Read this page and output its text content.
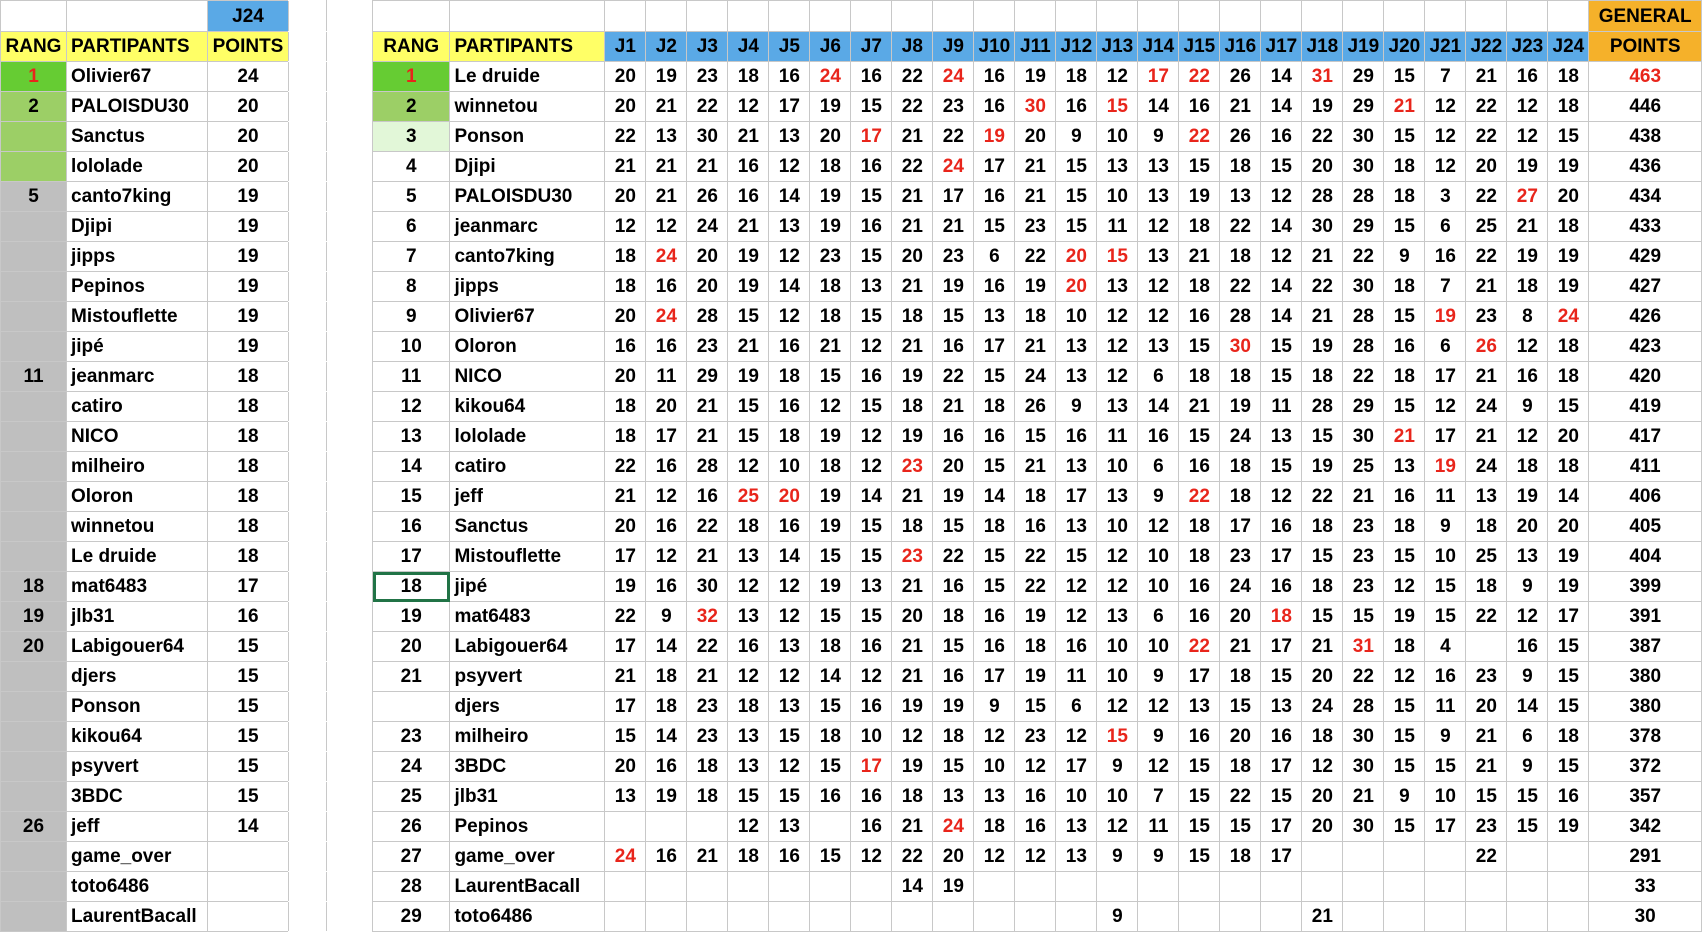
		J24
RANG	PARTIPANTS	POINTS
1	Olivier67	24
2	PALOISDU30	20
	Sanctus	20
	lololade	20
5	canto7king	19
	Djipi	19
	jipps	19
	Pepinos	19
	Mistouflette	19
	jipé	19
11	jeanmarc	18
	catiro	18
	NICO	18
	milheiro	18
	Oloron	18
	winnetou	18
	Le druide	18
18	mat6483	17
19	jlb31	16
20	Labigouer64	15
	djers	15
	Ponson	15
	kikou64	15
	psyvert	15
	3BDC	15
26	jeff	14
	game_over	
	toto6486	
	LaurentBacall	

																										GENERAL
RANG	PARTIPANTS	J1	J2	J3	J4	J5	J6	J7	J8	J9	J10	J11	J12	J13	J14	J15	J16	J17	J18	J19	J20	J21	J22	J23	J24	POINTS
1	Le druide	20	19	23	18	16	24	16	22	24	16	19	18	12	17	22	26	14	31	29	15	7	21	16	18	463
2	winnetou	20	21	22	12	17	19	15	22	23	16	30	16	15	14	16	21	14	19	29	21	12	22	12	18	446
3	Ponson	22	13	30	21	13	20	17	21	22	19	20	9	10	9	22	26	16	22	30	15	12	22	12	15	438
4	Djipi	21	21	21	16	12	18	16	22	24	17	21	15	13	13	15	18	15	20	30	18	12	20	19	19	436
5	PALOISDU30	20	21	26	16	14	19	15	21	17	16	21	15	10	13	19	13	12	28	28	18	3	22	27	20	434
6	jeanmarc	12	12	24	21	13	19	16	21	21	15	23	15	11	12	18	22	14	30	29	15	6	25	21	18	433
7	canto7king	18	24	20	19	12	23	15	20	23	6	22	20	15	13	21	18	12	21	22	9	16	22	19	19	429
8	jipps	18	16	20	19	14	18	13	21	19	16	19	20	13	12	18	22	14	22	30	18	7	21	18	19	427
9	Olivier67	20	24	28	15	12	18	15	18	15	13	18	10	12	12	16	28	14	21	28	15	19	23	8	24	426
10	Oloron	16	16	23	21	16	21	12	21	16	17	21	13	12	13	15	30	15	19	28	16	6	26	12	18	423
11	NICO	20	11	29	19	18	15	16	19	22	15	24	13	12	6	18	18	15	18	22	18	17	21	16	18	420
12	kikou64	18	20	21	15	16	12	15	18	21	18	26	9	13	14	21	19	11	28	29	15	12	24	9	15	419
13	lololade	18	17	21	15	18	19	12	19	16	16	15	16	11	16	15	24	13	15	30	21	17	21	12	20	417
14	catiro	22	16	28	12	10	18	12	23	20	15	21	13	10	6	16	18	15	19	25	13	19	24	18	18	411
15	jeff	21	12	16	25	20	19	14	21	19	14	18	17	13	9	22	18	12	22	21	16	11	13	19	14	406
16	Sanctus	20	16	22	18	16	19	15	18	15	18	16	13	10	12	18	17	16	18	23	18	9	18	20	20	405
17	Mistouflette	17	12	21	13	14	15	15	23	22	15	22	15	12	10	18	23	17	15	23	15	10	25	13	19	404
18	jipé	19	16	30	12	12	19	13	21	16	15	22	12	12	10	16	24	16	18	23	12	15	18	9	19	399
19	mat6483	22	9	32	13	12	15	15	20	18	16	19	12	13	6	16	20	18	15	15	19	15	22	12	17	391
20	Labigouer64	17	14	22	16	13	18	16	21	15	16	18	16	10	10	22	21	17	21	31	18	4		16	15	387
21	psyvert	21	18	21	12	12	14	12	21	16	17	19	11	10	9	17	18	15	20	22	12	16	23	9	15	380
	djers	17	18	23	18	13	15	16	19	19	9	15	6	12	12	13	15	13	24	28	15	11	20	14	15	380
23	milheiro	15	14	23	13	15	18	10	12	18	12	23	12	15	9	16	20	16	18	30	15	9	21	6	18	378
24	3BDC	20	16	18	13	12	15	17	19	15	10	12	17	9	12	15	18	17	12	30	15	15	21	9	15	372
25	jlb31	13	19	18	15	15	16	16	18	13	13	16	10	10	7	15	22	15	20	21	9	10	15	15	16	357
26	Pepinos				12	13		16	21	24	18	16	13	12	11	15	15	17	20	30	15	17	23	15	19	342
27	game_over	24	16	21	18	16	15	12	22	20	12	12	13	9	9	15	18	17					22			291
28	LaurentBacall								14	19																33
29	toto6486													9					21							30
